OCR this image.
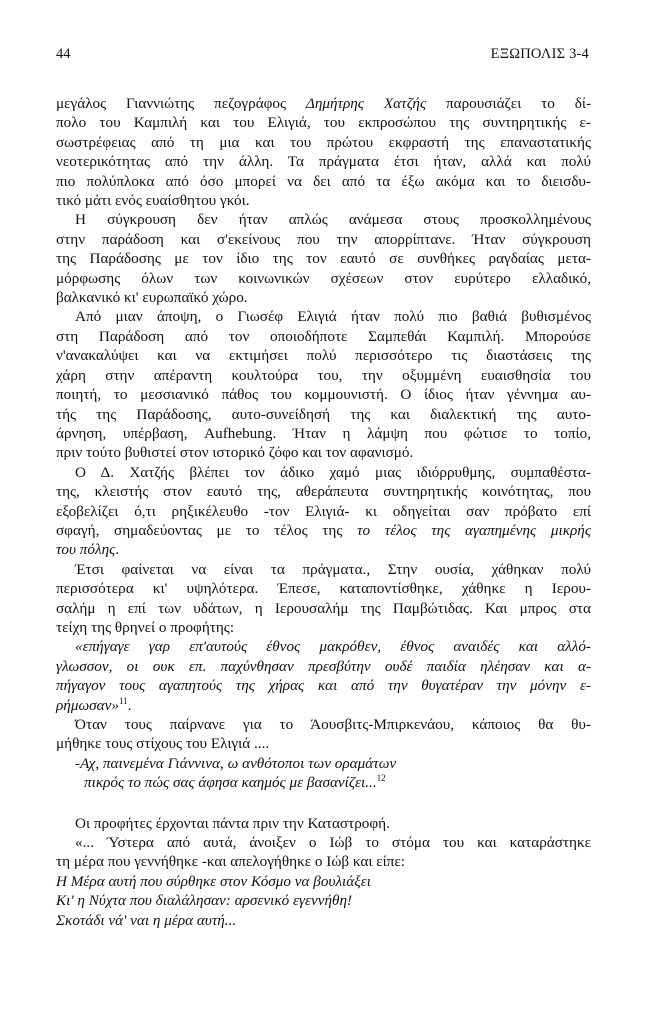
44	ΕΞΩΠΟΛΙΣ 3-4
μεγάλος Γιαννιώτης πεζογράφος Δημήτρης Χατζής παρουσιάζει το δί-
πολο του Καμπιλή και του Ελιγιά, του εκπροσώπου της συντηρητικής ε-
σωστρέφειας από τη μια και του πρώτου εκφραστή της επαναστατικής
νεοτερικότητας από την άλλη. Τα πράγματα έτσι ήταν, αλλά και πολύ
πιο πολύπλοκα από όσο μπορεί να δει από τα έξω ακόμα και το διεισδυ-
τικό μάτι ενός ευαίσθητου γκόι.
Η σύγκρουση δεν ήταν απλώς ανάμεσα στους προσκολλημένους
στην παράδοση και σ'εκείνους που την απορρίπτανε. Ήταν σύγκρουση
της Παράδοσης με τον ίδιο της τον εαυτό σε συνθήκες ραγδαίας μετα-
μόρφωσης όλων των κοινωνικών σχέσεων στον ευρύτερο ελλαδικό,
βαλκανικό κι' ευρωπαϊκό χώρο.
Από μιαν άποψη, ο Γιωσέφ Ελιγιά ήταν πολύ πιο βαθιά βυθισμένος
στη Παράδοση από τον οποιοδήποτε Σαμπεθάι Καμπιλή. Μπορούσε
ν'ανακαλύψει και να εκτιμήσει πολύ περισσότερο τις διαστάσεις της
χάρη στην απέραντη κουλτούρα του, την οξυμμένη ευαισθησία του
ποιητή, το μεσσιανικό πάθος του κομμουνιστή. Ο ίδιος ήταν γέννημα αυ-
τής της Παράδοσης, αυτο-συνείδησή της και διαλεκτική της αυτο-
άρνηση, υπέρβαση, Aufhebung. Ήταν η λάμψη που φώτισε το τοπίο,
πριν τούτο βυθιστεί στον ιστορικό ζόφο και τον αφανισμό.
Ο Δ. Χατζής βλέπει τον άδικο χαμό μιας ιδιόρρυθμης, συμπαθέστα-
της, κλειστής στον εαυτό της, αθεράπευτα συντηρητικής κοινότητας, που
εξοβελίζει ό,τι ρηξικέλευθο -τον Ελιγιά- κι οδηγείται σαν πρόβατο επί
σφαγή, σημαδεύοντας με το τέλος της το τέλος της αγαπημένης μικρής
του πόλης.
Έτσι φαίνεται να είναι τα πράγματα., Στην ουσία, χάθηκαν πολύ
περισσότερα κι' υψηλότερα. Έπεσε, καταποντίσθηκε, χάθηκε η Ιερου-
σαλήμ η επί των υδάτων, η Ιερουσαλήμ της Παμβώτιδας. Και μπρος στα
τείχη της θρηνεί ο προφήτης:
«επήγαγε γαρ επ'αυτούς έθνος μακρόθεν, έθνος αναιδές και αλλό-
γλωσσον, οι ουκ επ. παχύνθησαν πρεσβύτην ουδέ παιδία ηλέησαν και α-
πήγαγον τους αγαπητούς της χήρας και από την θυγατέραν την μόνην ε-
ρήμωσαν»$^{11}$.
Όταν τους παίρνανε για το Άουσβιτς-Μπιρκενάου, κάποιος θα θυ-
μήθηκε τους στίχους του Ελιγιά ....
-Αχ, παινεμένα Γιάννινα, ω ανθότοποι των οραμάτων
πικρός το πώς σας άφησα καημός με βασανίζει...$^{12}$
Οι προφήτες έρχονται πάντα πριν την Καταστροφή.
«... Ύστερα από αυτά, άνοιξεν ο Ιώβ το στόμα του και καταράστηκε
τη μέρα που γεννήθηκε -και απελογήθηκε ο Ιώβ και είπε:
Η Μέρα αυτή που σύρθηκε στον Κόσμο να βουλιάξει
Κι' η Νύχτα που διαλάλησαν: αρσενικό εγεννήθη!
Σκοτάδι νά' ναι η μέρα αυτή...
